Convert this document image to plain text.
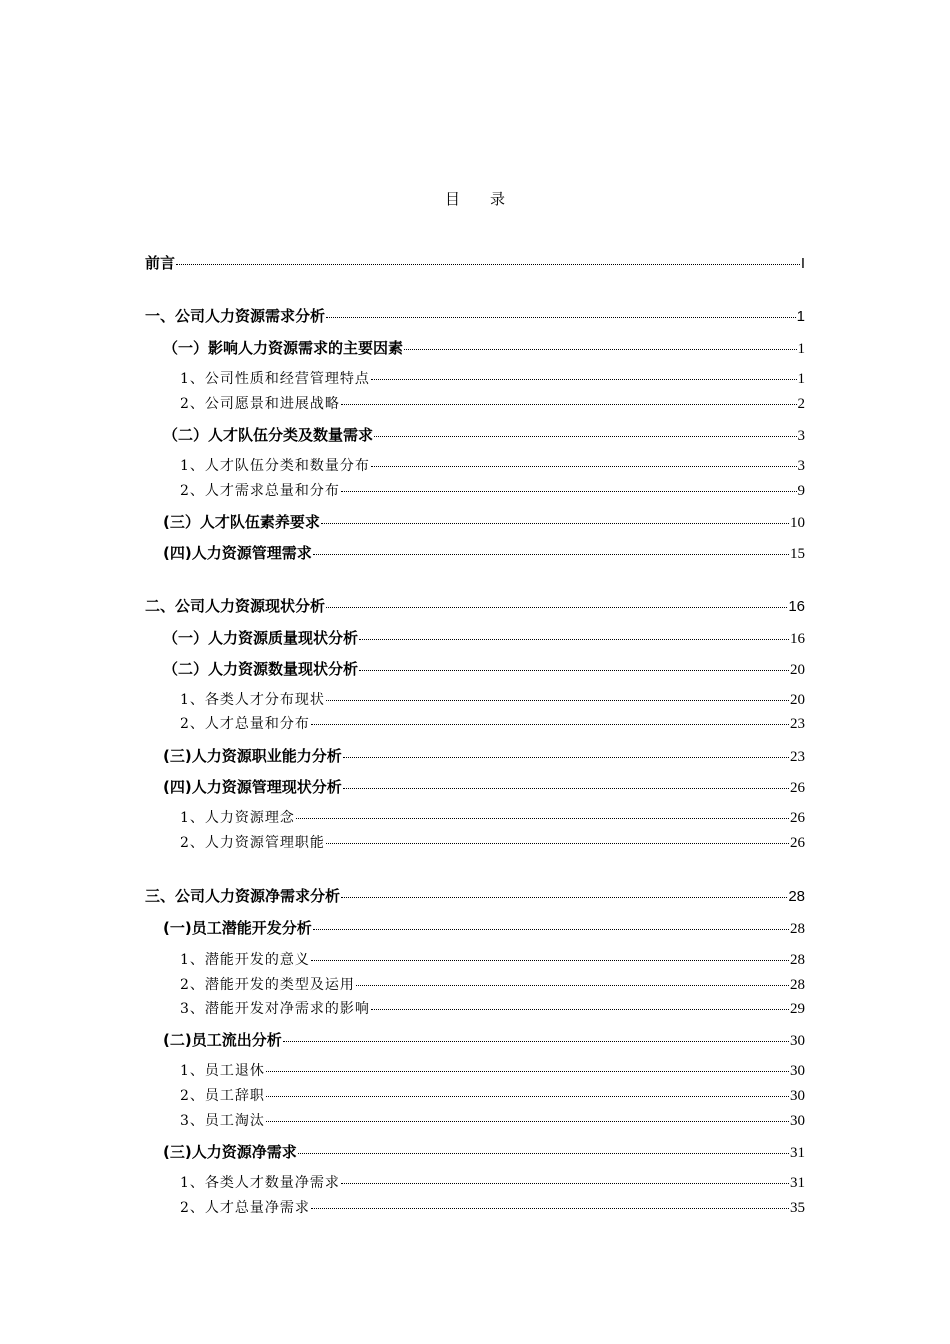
目　　录
前言	I
一、公司人力资源需求分析	1
（一）影响人力资源需求的主要因素	1
1、公司性质和经营管理特点	1
2、公司愿景和进展战略	2
（二）人才队伍分类及数量需求	3
1、人才队伍分类和数量分布	3
2、人才需求总量和分布	9
(三）人才队伍素养要求	10
(四)人力资源管理需求	15
二、公司人力资源现状分析	16
（一）人力资源质量现状分析	16
（二）人力资源数量现状分析	20
1、各类人才分布现状	20
2、人才总量和分布	23
(三)人力资源职业能力分析	23
(四)人力资源管理现状分析	26
1、人力资源理念	26
2、人力资源管理职能	26
三、公司人力资源净需求分析	28
(一)员工潜能开发分析	28
1、潜能开发的意义	28
2、潜能开发的类型及运用	28
3、潜能开发对净需求的影响	29
(二)员工流出分析	30
1、员工退休	30
2、员工辞职	30
3、员工淘汰	30
(三)人力资源净需求	31
1、各类人才数量净需求	31
2、人才总量净需求	35
